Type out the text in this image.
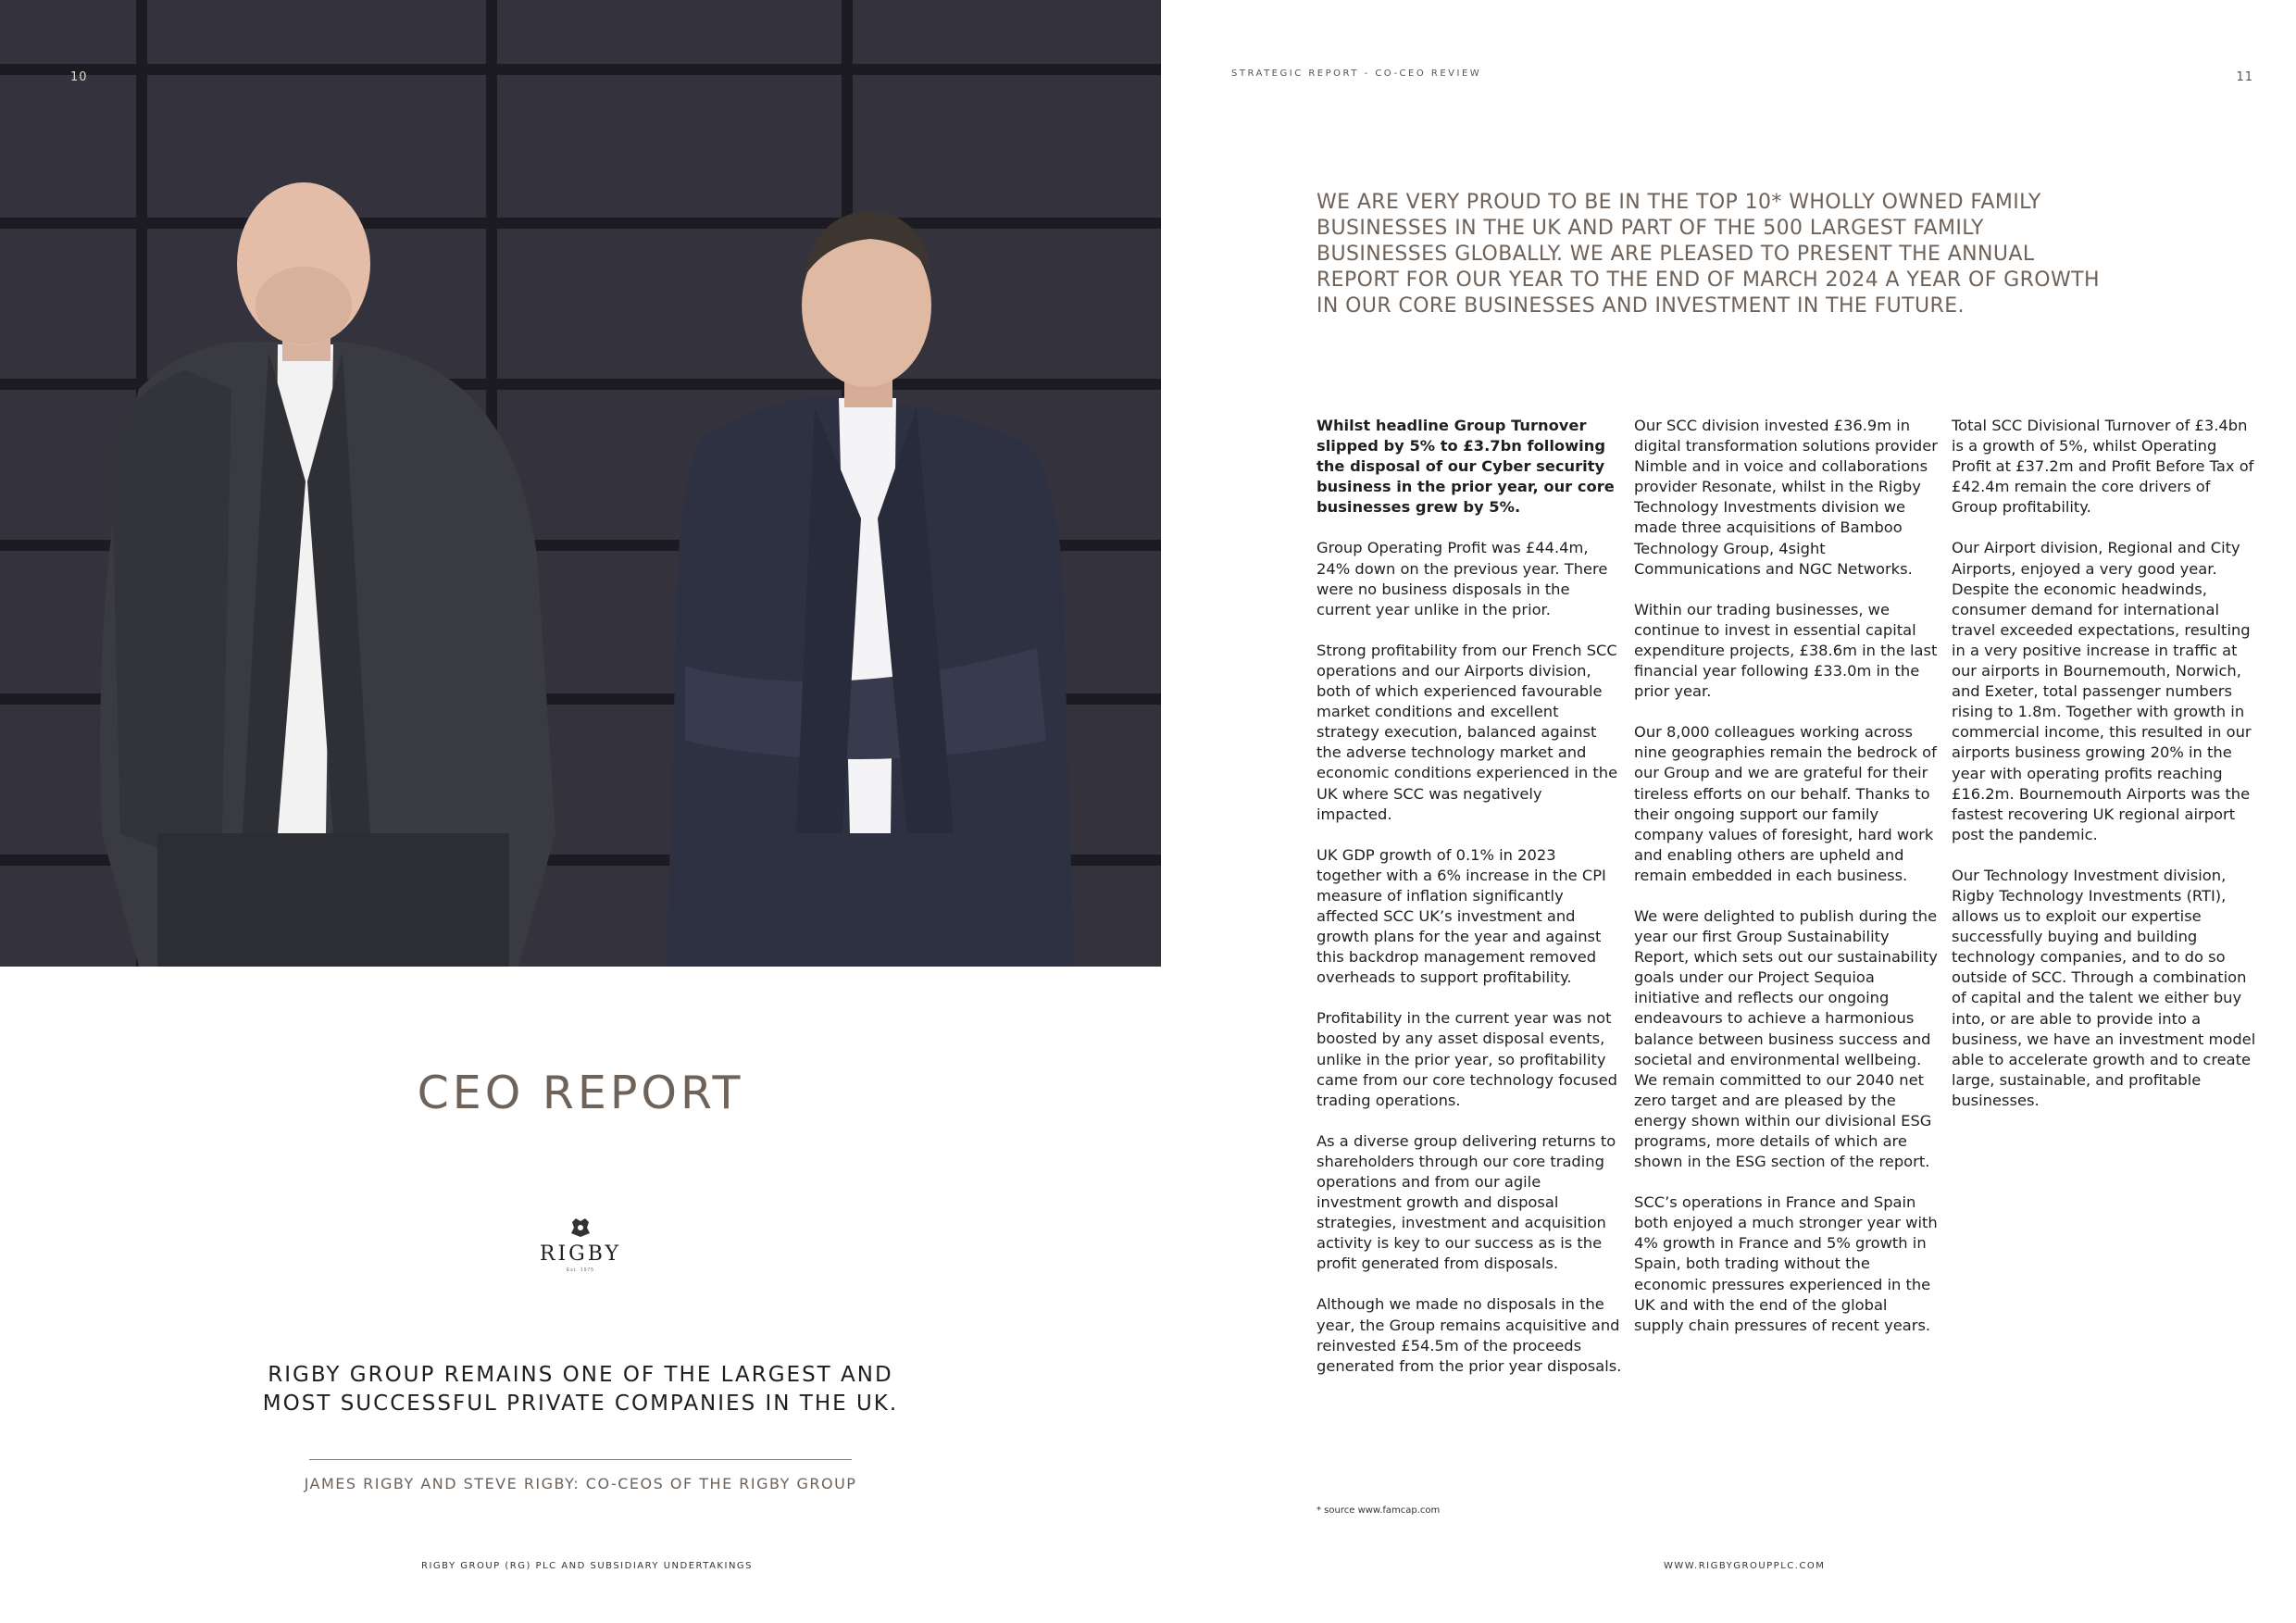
10
CEO REPORT
RIGBY
Est. 1975
RIGBY GROUP REMAINS ONE OF THE LARGEST AND
MOST SUCCESSFUL PRIVATE COMPANIES IN THE UK.
JAMES RIGBY AND STEVE RIGBY: CO-CEOS OF THE RIGBY GROUP
RIGBY GROUP (RG) PLC AND SUBSIDIARY UNDERTAKINGS
STRATEGIC REPORT - CO-CEO REVIEW	11
WE ARE VERY PROUD TO BE IN THE TOP 10* WHOLLY OWNED FAMILY
BUSINESSES IN THE UK AND PART OF THE 500 LARGEST FAMILY
BUSINESSES GLOBALLY. WE ARE PLEASED TO PRESENT THE ANNUAL
REPORT FOR OUR YEAR TO THE END OF MARCH 2024 A YEAR OF GROWTH
IN OUR CORE BUSINESSES AND INVESTMENT IN THE FUTURE.

Whilst headline Group Turnover slipped by 5% to £3.7bn following the disposal of our Cyber security business in the prior year, our core businesses grew by 5%.

Group Operating Profit was £44.4m, 24% down on the previous year. There were no business disposals in the current year unlike in the prior.

Strong profitability from our French SCC operations and our Airports division, both of which experienced favourable market conditions and excellent strategy execution, balanced against the adverse technology market and economic conditions experienced in the UK where SCC was negatively impacted.

UK GDP growth of 0.1% in 2023 together with a 6% increase in the CPI measure of inflation significantly affected SCC UK’s investment and growth plans for the year and against this backdrop management removed overheads to support profitability.

Profitability in the current year was not boosted by any asset disposal events, unlike in the prior year, so profitability came from our core technology focused trading operations.

As a diverse group delivering returns to shareholders through our core trading operations and from our agile investment growth and disposal strategies, investment and acquisition activity is key to our success as is the profit generated from disposals.

Although we made no disposals in the year, the Group remains acquisitive and reinvested £54.5m of the proceeds generated from the prior year disposals.

Our SCC division invested £36.9m in digital transformation solutions provider Nimble and in voice and collaborations provider Resonate, whilst in the Rigby Technology Investments division we made three acquisitions of Bamboo Technology Group, 4sight Communications and NGC Networks.

Within our trading businesses, we continue to invest in essential capital expenditure projects, £38.6m in the last financial year following £33.0m in the prior year.

Our 8,000 colleagues working across nine geographies remain the bedrock of our Group and we are grateful for their tireless efforts on our behalf. Thanks to their ongoing support our family company values of foresight, hard work and enabling others are upheld and remain embedded in each business.

We were delighted to publish during the year our first Group Sustainability Report, which sets out our sustainability goals under our Project Sequioa initiative and reflects our ongoing endeavours to achieve a harmonious balance between business success and societal and environmental wellbeing. We remain committed to our 2040 net zero target and are pleased by the energy shown within our divisional ESG programs, more details of which are shown in the ESG section of the report.

SCC’s operations in France and Spain both enjoyed a much stronger year with 4% growth in France and 5% growth in Spain, both trading without the economic pressures experienced in the UK and with the end of the global supply chain pressures of recent years.

Total SCC Divisional Turnover of £3.4bn is a growth of 5%, whilst Operating Profit at £37.2m and Profit Before Tax of £42.4m remain the core drivers of Group profitability.

Our Airport division, Regional and City Airports, enjoyed a very good year. Despite the economic headwinds, consumer demand for international travel exceeded expectations, resulting in a very positive increase in traffic at our airports in Bournemouth, Norwich, and Exeter, total passenger numbers rising to 1.8m. Together with growth in commercial income, this resulted in our airports business growing 20% in the year with operating profits reaching £16.2m. Bournemouth Airports was the fastest recovering UK regional airport post the pandemic.

Our Technology Investment division, Rigby Technology Investments (RTI), allows us to exploit our expertise successfully buying and building technology companies, and to do so outside of SCC. Through a combination of capital and the talent we either buy into, or are able to provide into a business, we have an investment model able to accelerate growth and to create large, sustainable, and profitable businesses.

* source www.famcap.com
WWW.RIGBYGROUPPLC.COM
